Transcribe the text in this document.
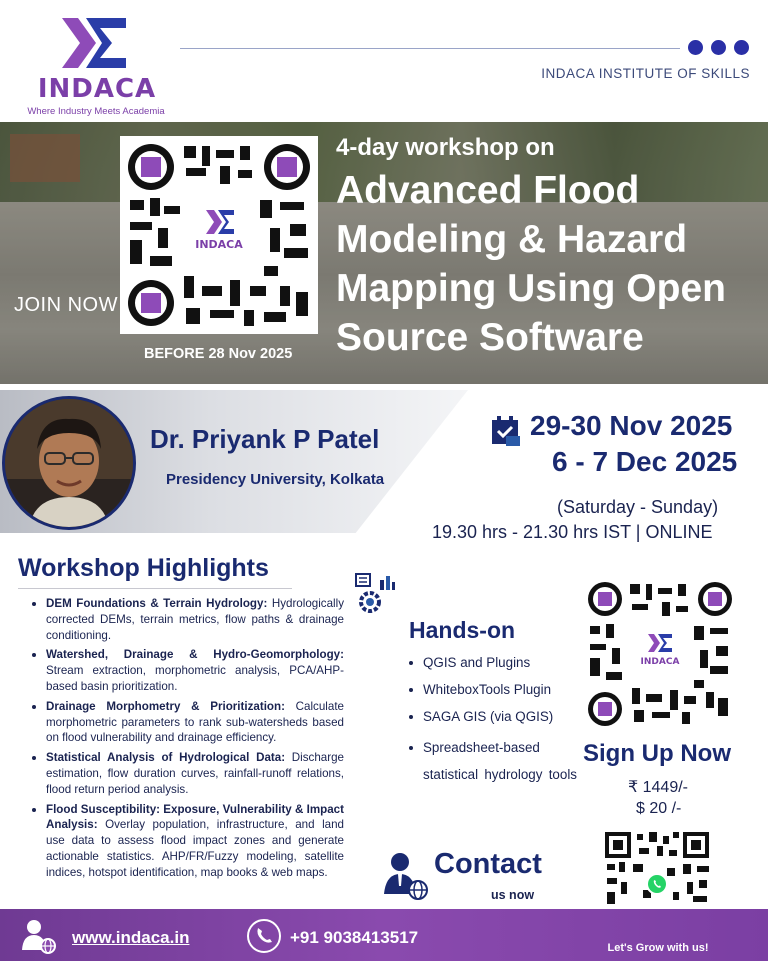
INDACA
Where Industry Meets Academia
INDACA INSTITUTE OF SKILLS
INDACA
JOIN NOW
BEFORE 28 Nov 2025
4-day workshop on
Advanced Flood Modeling & Hazard Mapping Using Open Source Software
Dr. Priyank P Patel
Presidency University, Kolkata
29-30 Nov 2025
6 - 7 Dec 2025
(Saturday - Sunday)
19.30 hrs - 21.30 hrs IST | ONLINE
Workshop Highlights
DEM Foundations & Terrain Hydrology: Hydrologically corrected DEMs, terrain metrics, flow paths & drainage conditioning.
Watershed, Drainage & Hydro-Geomorphology: Stream extraction, morphometric analysis, PCA/AHP-based basin prioritization.
Drainage Morphometry & Prioritization: Calculate morphometric parameters to rank sub-watersheds based on flood vulnerability and drainage efficiency.
Statistical Analysis of Hydrological Data: Discharge estimation, flow duration curves, rainfall-runoff relations, flood return period analysis.
Flood Susceptibility: Exposure, Vulnerability & Impact Analysis: Overlay population, infrastructure, and land use data to assess flood impact zones and generate actionable statistics. AHP/FR/Fuzzy modeling, satellite indices, hotspot identification, map books & web maps.
Hands-on
QGIS and Plugins
WhiteboxTools Plugin
SAGA GIS (via QGIS)
Spreadsheet-based statistical hydrology tools
INDACA
Sign Up Now
₹ 1449/-
$ 20 /-
Contact
us now
www.indaca.in	+91 9038413517
Let's Grow with us!
